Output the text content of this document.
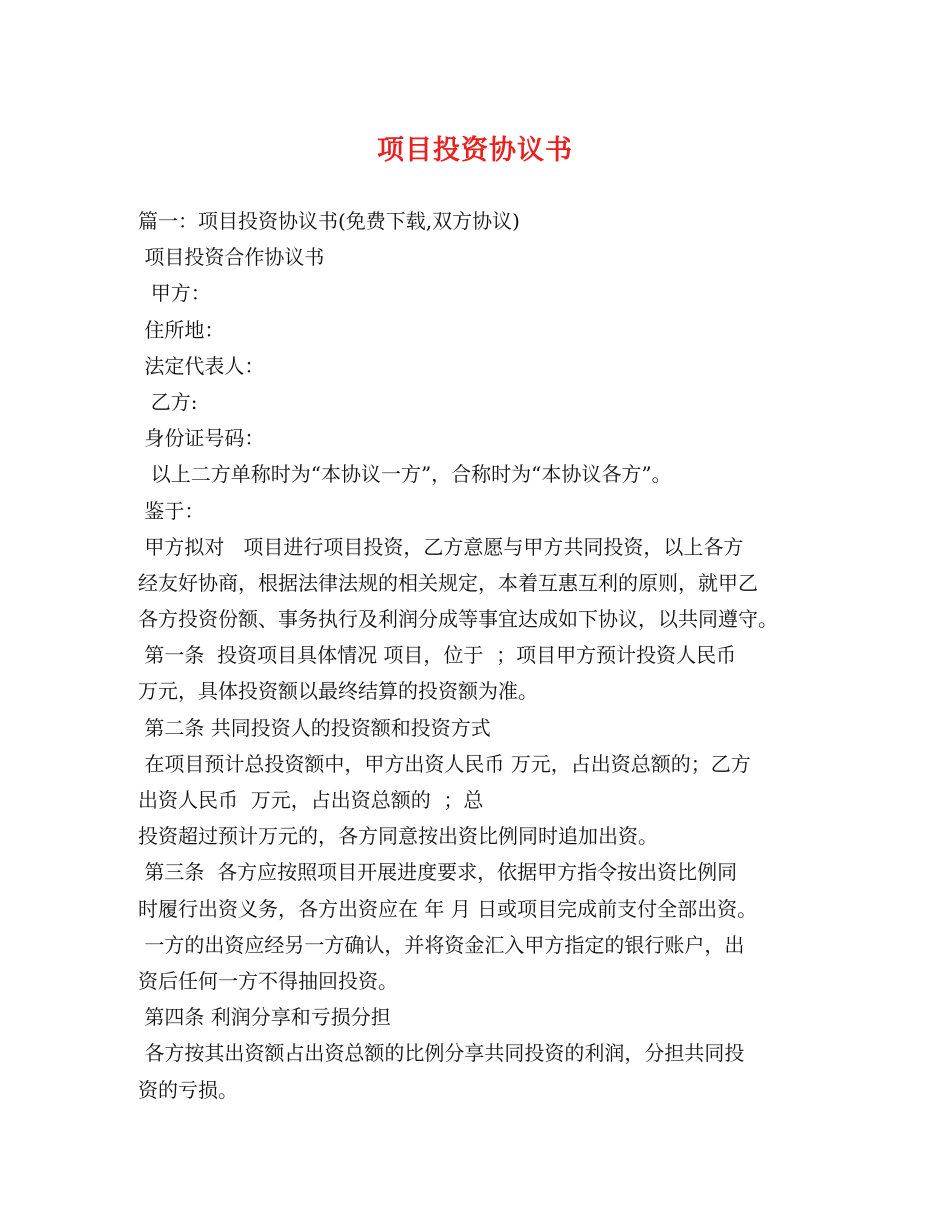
项目投资协议书
篇一：项目投资协议书(免费下载,双方协议)
项目投资合作协议书
甲方：
住所地：
法定代表人：
乙方:
身份证号码：
以上二方单称时为“本协议一方”，合称时为“本协议各方”。
鉴于：
甲方拟对   项目进行项目投资，乙方意愿与甲方共同投资，以上各方
经友好协商，根据法律法规的相关规定，本着互惠互利的原则，就甲乙
各方投资份额、事务执行及利润分成等事宜达成如下协议，以共同遵守。
第一条  投资项目具体情况 项目，位于  ；项目甲方预计投资人民币
万元，具体投资额以最终结算的投资额为准。
第二条 共同投资人的投资额和投资方式
在项目预计总投资额中，甲方出资人民币 万元，占出资总额的；乙方
出资人民币  万元，占出资总额的  ；总
投资超过预计万元的，各方同意按出资比例同时追加出资。
第三条  各方应按照项目开展进度要求，依据甲方指令按出资比例同
时履行出资义务，各方出资应在 年 月 日或项目完成前支付全部出资。
一方的出资应经另一方确认，并将资金汇入甲方指定的银行账户，出
资后任何一方不得抽回投资。
第四条 利润分享和亏损分担
各方按其出资额占出资总额的比例分享共同投资的利润，分担共同投
资的亏损。
